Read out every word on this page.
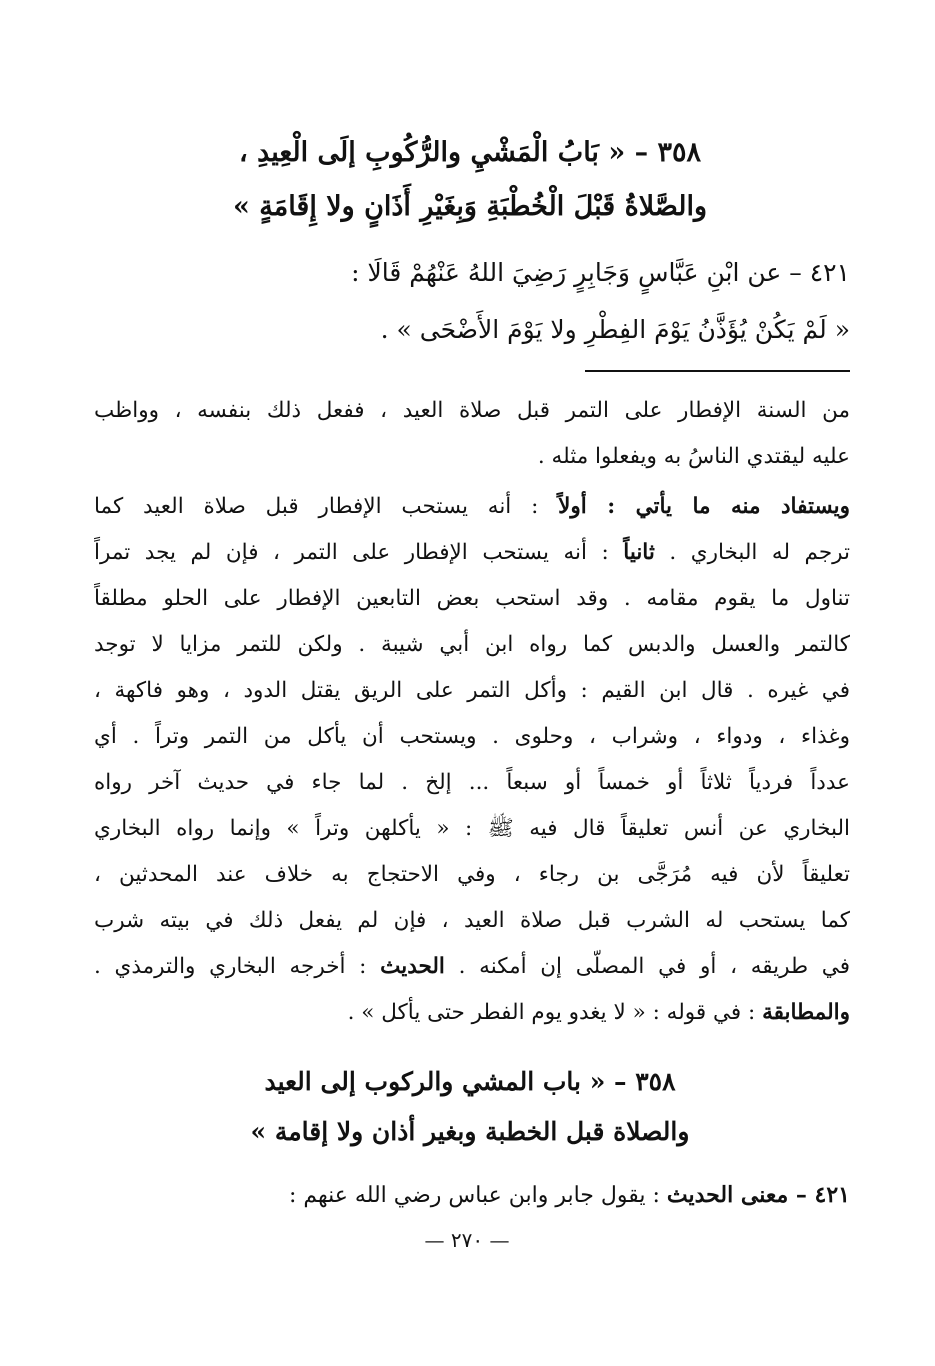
٣٥٨ – « بَابُ الْمَشْيِ والرُّكُوبِ إلَى الْعِيدِ ،
والصَّلاةُ قَبْلَ الْخُطْبَةِ وَبِغَيْرِ أَذَانٍ ولا إِقَامَةٍ »
٤٢١ – عن ابْنِ عَبَّاسٍ وَجَابِرٍ رَضِيَ اللهُ عَنْهُمْ قَالَا :
« لَمْ يَكُنْ يُؤَذَّنُ يَوْمَ الفِطْرِ ولا يَوْمَ الأَضْحَى » .
من السنة الإفطار على التمر قبل صلاة العيد ، ففعل ذلك بنفسه ، وواظب
عليه ليقتدي الناسُ به ويفعلوا مثله .
ويستفاد منه ما يأتي : أولاً : أنه يستحب الإفطار قبل صلاة العيد كما
ترجم له البخاري . ثانياً : أنه يستحب الإفطار على التمر ، فإن لم يجد تمراً
تناول ما يقوم مقامه . وقد استحب بعض التابعين الإفطار على الحلو مطلقاً
كالتمر والعسل والدبس كما رواه ابن أبي شيبة . ولكن للتمر مزايا لا توجد
في غيره . قال ابن القيم : وأكل التمر على الريق يقتل الدود ، وهو فاكهة ،
وغذاء ، ودواء ، وشراب ، وحلوى . ويستحب أن يأكل من التمر وتراً . أي
عدداً فردياً ثلاثاً أو خمساً أو سبعاً ... إلخ . لما جاء في حديث آخر رواه
البخاري عن أنس تعليقاً قال فيه ﷺ : « يأكلهن وتراً » وإنما رواه البخاري
تعليقاً لأن فيه مُرَجَّى بن رجاء ، وفي الاحتجاج به خلاف عند المحدثين ،
كما يستحب له الشرب قبل صلاة العيد ، فإن لم يفعل ذلك في بيته شرب
في طريقه ، أو في المصلّى إن أمكنه . الحديث : أخرجه البخاري والترمذي .
والمطابقة : في قوله : « لا يغدو يوم الفطر حتى يأكل » .
٣٥٨ – « باب المشي والركوب إلى العيد
والصلاة قبل الخطبة وبغير أذان ولا إقامة »
٤٢١ – معنى الحديث : يقول جابر وابن عباس رضي الله عنهم :
— ٢٧٠ —
